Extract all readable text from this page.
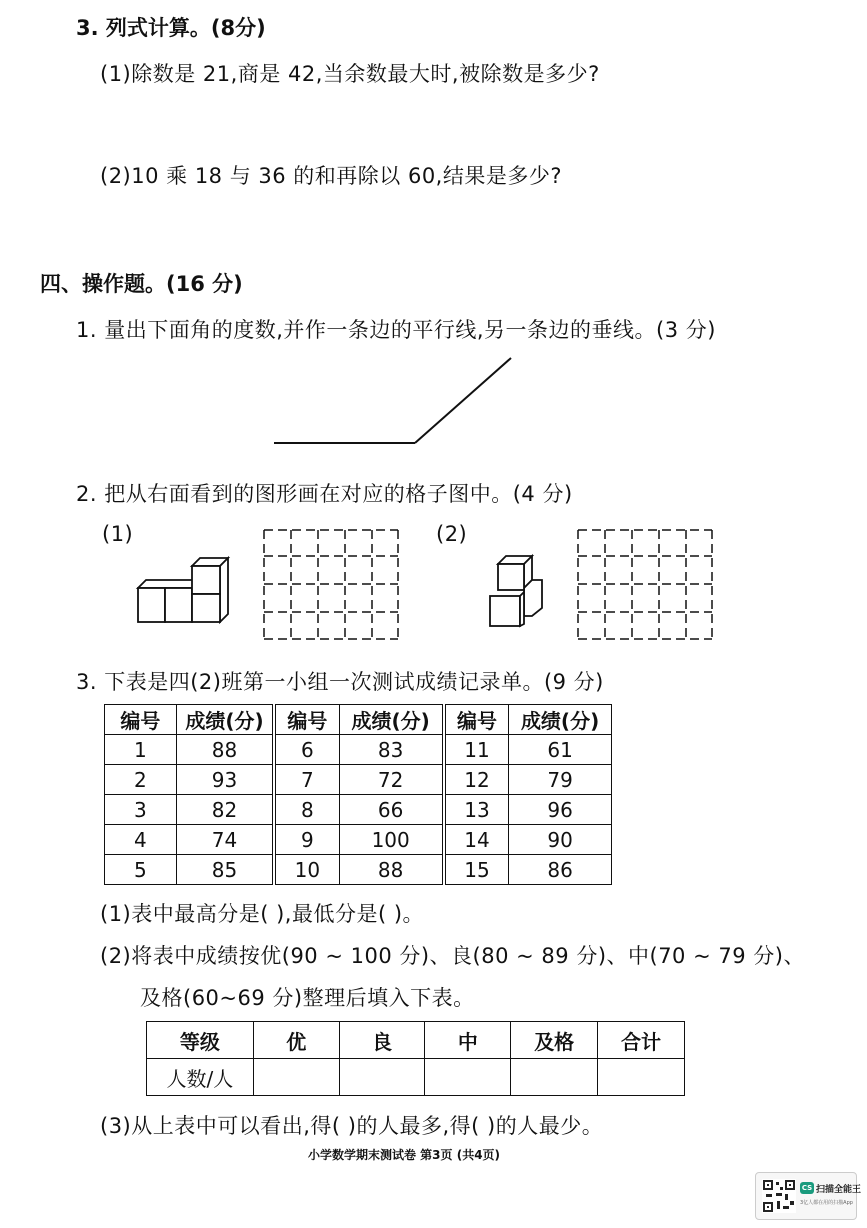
3. 列式计算。(8分)
(1)除数是 21,商是 42,当余数最大时,被除数是多少?
(2)10 乘 18 与 36 的和再除以 60,结果是多少?
四、操作题。(16 分)
1. 量出下面角的度数,并作一条边的平行线,另一条边的垂线。(3 分)
2. 把从右面看到的图形画在对应的格子图中。(4 分)
(1)	(2)
3. 下表是四(2)班第一小组一次测试成绩记录单。(9 分)
编号	成绩(分)	编号	成绩(分)	编号	成绩(分)
1	88	6	83	11	61
2	93	7	72	12	79
3	82	8	66	13	96
4	74	9	100	14	90
5	85	10	88	15	86
(1)表中最高分是( ),最低分是( )。
(2)将表中成绩按优(90 ~ 100 分)、良(80 ~ 89 分)、中(70 ~ 79 分)、
及格(60~69 分)整理后填入下表。
等级	优	良	中	及格	合计
人数/人					
(3)从上表中可以看出,得( )的人最多,得( )的人最少。
小学数学期末测试卷 第3页 (共4页)
CS 扫描全能王
3亿人都在用的扫描App
